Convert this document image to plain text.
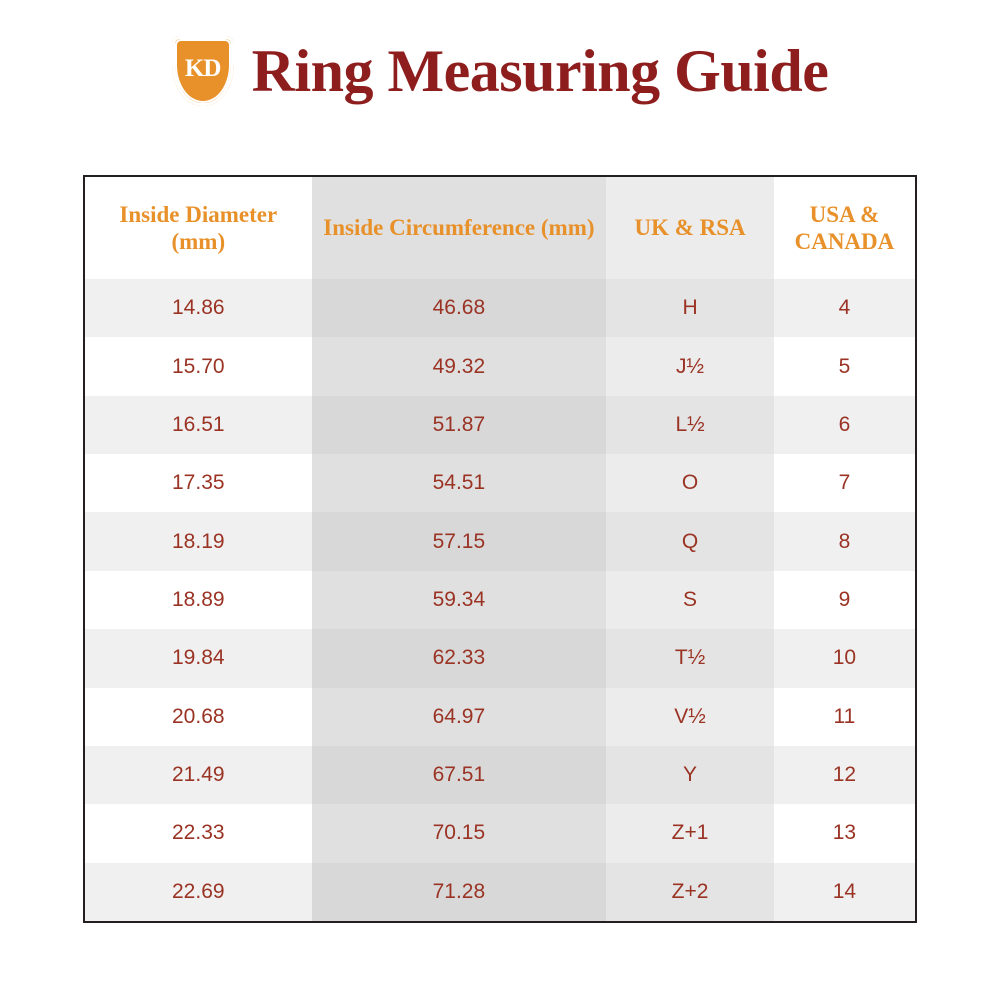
KD Ring Measuring Guide
Inside Diameter (mm)	Inside Circumference (mm)	UK & RSA	USA & CANADA
14.86	46.68	H	4
15.70	49.32	J½	5
16.51	51.87	L½	6
17.35	54.51	O	7
18.19	57.15	Q	8
18.89	59.34	S	9
19.84	62.33	T½	10
20.68	64.97	V½	11
21.49	67.51	Y	12
22.33	70.15	Z+1	13
22.69	71.28	Z+2	14
